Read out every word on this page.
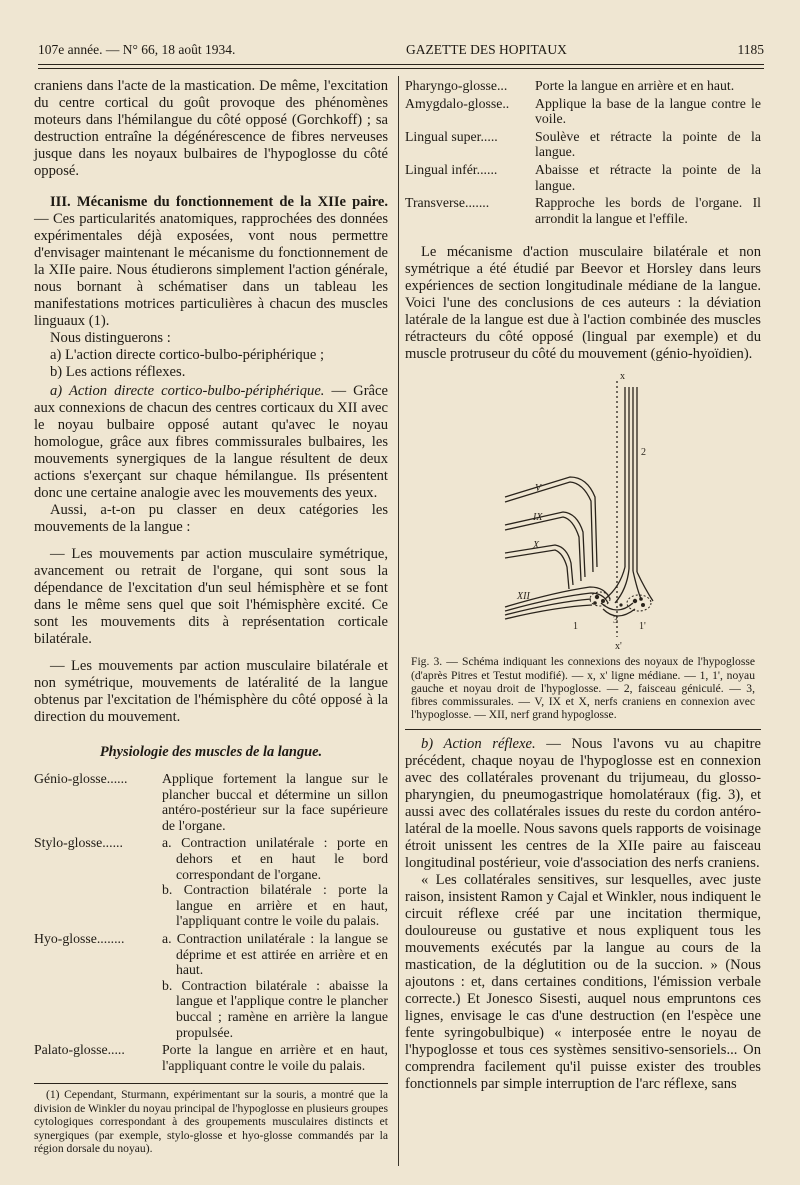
107e année. — N° 66, 18 août 1934.	GAZETTE DES HOPITAUX	1185

craniens dans l'acte de la mastication. De même, l'excitation du centre cortical du goût provoque des phénomènes moteurs dans l'hémilangue du côté opposé (Gorchkoff) ; sa destruction entraîne la dégénérescence de fibres nerveuses jusque dans les noyaux bulbaires de l'hypoglosse du côté opposé.

III. Mécanisme du fonctionnement de la XIIe paire. — Ces particularités anatomiques, rapprochées des données expérimentales déjà exposées, vont nous permettre d'envisager maintenant le mécanisme du fonctionnement de la XIIe paire. Nous étudierons simplement l'action générale, nous bornant à schématiser dans un tableau les manifestations motrices particulières à chacun des muscles linguaux (1).

Nous distinguerons :

a) L'action directe cortico-bulbo-périphérique ;

b) Les actions réflexes.

a) Action directe cortico-bulbo-périphérique. — Grâce aux connexions de chacun des centres corticaux du XII avec le noyau bulbaire opposé autant qu'avec le noyau homologue, grâce aux fibres commissurales bulbaires, les mouvements synergiques de la langue résultent de deux actions s'exerçant sur chaque hémilangue. Ils présentent donc une certaine analogie avec les mouvements des yeux.

Aussi, a-t-on pu classer en deux catégories les mouvements de la langue :

— Les mouvements par action musculaire symétrique, avancement ou retrait de l'organe, qui sont sous la dépendance de l'excitation d'un seul hémisphère et se font dans le même sens quel que soit l'hémisphère excité. Ce sont les mouvements dits à représentation corticale bilatérale.

— Les mouvements par action musculaire bilatérale et non symétrique, mouvements de latéralité de la langue obtenus par l'excitation de l'hémisphère du côté opposé à la direction du mouvement.

Physiologie des muscles de la langue.
Génio-glosse......	Applique fortement la langue sur le plancher buccal et détermine un sillon antéro-postérieur sur la face supérieure de l'organe.
Stylo-glosse......	a. Contraction unilatérale : porte en dehors et en haut le bord correspondant de l'organe.
b. Contraction bilatérale : porte la langue en arrière et en haut, l'appliquant contre le voile du palais.
Hyo-glosse........	a. Contraction unilatérale : la langue se déprime et est attirée en arrière et en haut.
b. Contraction bilatérale : abaisse la langue et l'applique contre le plancher buccal ; ramène en arrière la langue propulsée.
Palato-glosse.....	Porte la langue en arrière et en haut, l'appliquant contre le voile du palais.
(1) Cependant, Sturmann, expérimentant sur la souris, a montré que la division de Winkler du noyau principal de l'hypoglosse en plusieurs groupes cytologiques correspondant à des groupements musculaires distincts et synergiques (par exemple, stylo-glosse et hyo-glosse commandés par la région dorsale du noyau).
Pharyngo-glosse...	Porte la langue en arrière et en haut.
Amygdalo-glosse..	Applique la base de la langue contre le voile.
Lingual super.....	Soulève et rétracte la pointe de la langue.
Lingual infér......	Abaisse et rétracte la pointe de la langue.
Transverse.......	Rapproche les bords de l'organe. Il arrondit la langue et l'effile.

Le mécanisme d'action musculaire bilatérale et non symétrique a été étudié par Beevor et Horsley dans leurs expériences de section longitudinale médiane de la langue. Voici l'une des conclusions de ces auteurs : la déviation latérale de la langue est due à l'action combinée des muscles rétracteurs du côté opposé (lingual par exemple) et du muscle protruseur du côté du mouvement (génio-hyoïdien).

x
x'
2
V
IX
X
XII
1
3
1'
Fig. 3. — Schéma indiquant les connexions des noyaux de l'hypoglosse (d'après Pitres et Testut modifié). — x, x' ligne médiane. — 1, 1', noyau gauche et noyau droit de l'hypoglosse. — 2, faisceau géniculé. — 3, fibres commissurales. — V, IX et X, nerfs craniens en connexion avec l'hypoglosse. — XII, nerf grand hypoglosse.

b) Action réflexe. — Nous l'avons vu au chapitre précédent, chaque noyau de l'hypoglosse est en connexion avec des collatérales provenant du trijumeau, du glosso-pharyngien, du pneumogastrique homolatéraux (fig. 3), et aussi avec des collatérales issues du reste du cordon antéro-latéral de la moelle. Nous savons quels rapports de voisinage étroit unissent les centres de la XIIe paire au faisceau longitudinal postérieur, voie d'association des nerfs craniens.

« Les collatérales sensitives, sur lesquelles, avec juste raison, insistent Ramon y Cajal et Winkler, nous indiquent le circuit réflexe créé par une incitation thermique, douloureuse ou gustative et nous expliquent tous les mouvements exécutés par la langue au cours de la mastication, de la déglutition ou de la succion. » (Nous ajoutons : et, dans certaines conditions, l'émission verbale correcte.) Et Jonesco Sisesti, auquel nous empruntons ces lignes, envisage le cas d'une destruction (en l'espèce une fente syringobulbique) « interposée entre le noyau de l'hypoglosse et tous ces systèmes sensitivo-sensoriels... On comprendra facilement qu'il puisse exister des troubles fonctionnels par simple interruption de l'arc réflexe, sans
